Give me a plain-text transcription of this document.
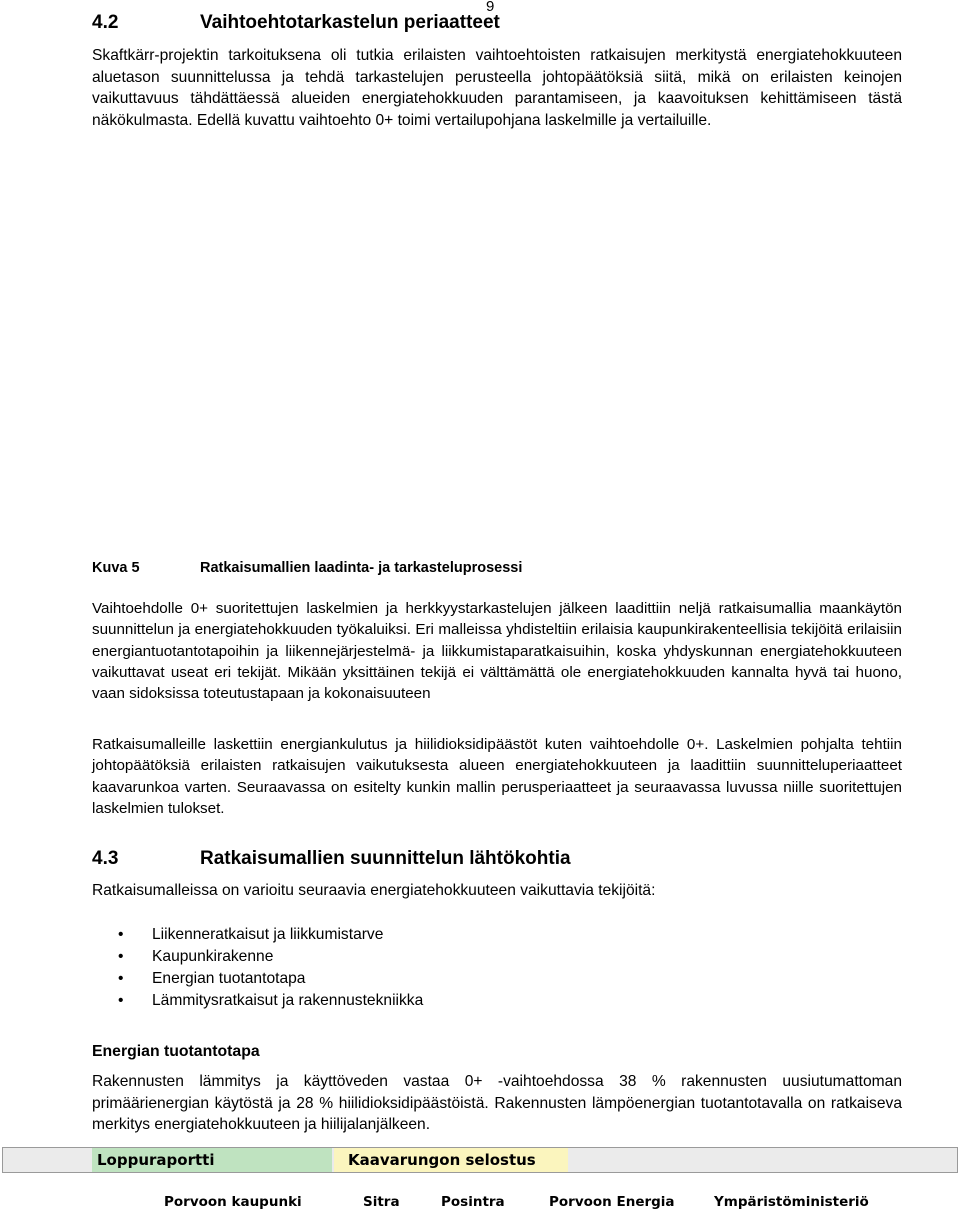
9
4.2	Vaihtoehtotarkastelun periaatteet

Skaftkärr-projektin tarkoituksena oli tutkia erilaisten vaihtoehtoisten ratkaisujen merkitystä energiatehokkuuteen aluetason suunnittelussa ja tehdä tarkastelujen perusteella johtopäätöksiä siitä, mikä on erilaisten keinojen vaikuttavuus tähdättäessä alueiden energiatehokkuuden parantamiseen, ja kaavoituksen kehittämiseen tästä näkökulmasta. Edellä kuvattu vaihtoehto 0+ toimi vertailupohjana laskelmille ja vertailuille.

Kuva 5	Ratkaisumallien laadinta- ja tarkasteluprosessi

Vaihtoehdolle 0+ suoritettujen laskelmien ja herkkyystarkastelujen jälkeen laadittiin neljä ratkaisumallia maankäytön suunnittelun ja energiatehokkuuden työkaluiksi. Eri malleissa yhdisteltiin erilaisia kaupunkirakenteellisia tekijöitä erilaisiin energiantuotantotapoihin ja liikennejärjestelmä- ja liikkumistaparatkaisuihin, koska yhdyskunnan energiatehokkuuteen vaikuttavat useat eri tekijät. Mikään yksittäinen tekijä ei välttämättä ole energiatehokkuuden kannalta hyvä tai huono, vaan sidoksissa toteutustapaan ja kokonaisuuteen

Ratkaisumalleille laskettiin energiankulutus ja hiilidioksidipäästöt kuten vaihtoehdolle 0+. Laskelmien pohjalta tehtiin johtopäätöksiä erilaisten ratkaisujen vaikutuksesta alueen energiatehokkuuteen ja laadittiin suunnitteluperiaatteet kaavarunkoa varten. Seuraavassa on esitelty kunkin mallin perusperiaatteet ja seuraavassa luvussa niille suoritettujen laskelmien tulokset.

4.3	Ratkaisumallien suunnittelun lähtökohtia

Ratkaisumalleissa on varioitu seuraavia energiatehokkuuteen vaikuttavia tekijöitä:

• Liikenneratkaisut ja liikkumistarve
• Kaupunkirakenne
• Energian tuotantotapa
• Lämmitysratkaisut ja rakennustekniikka
Energian tuotantotapa

Rakennusten lämmitys ja käyttöveden vastaa 0+ -vaihtoehdossa 38 % rakennusten uusiutumattoman primäärienergian käytöstä ja 28 % hiilidioksidipäästöistä. Rakennusten lämpöenergian tuotantotavalla on ratkaiseva merkitys energiatehokkuuteen ja hiilijalanjälkeen.

Loppuraportti	Kaavarungon selostus
Porvoon kaupunki	Sitra	Posintra	Porvoon Energia	Ympäristöministeriö
